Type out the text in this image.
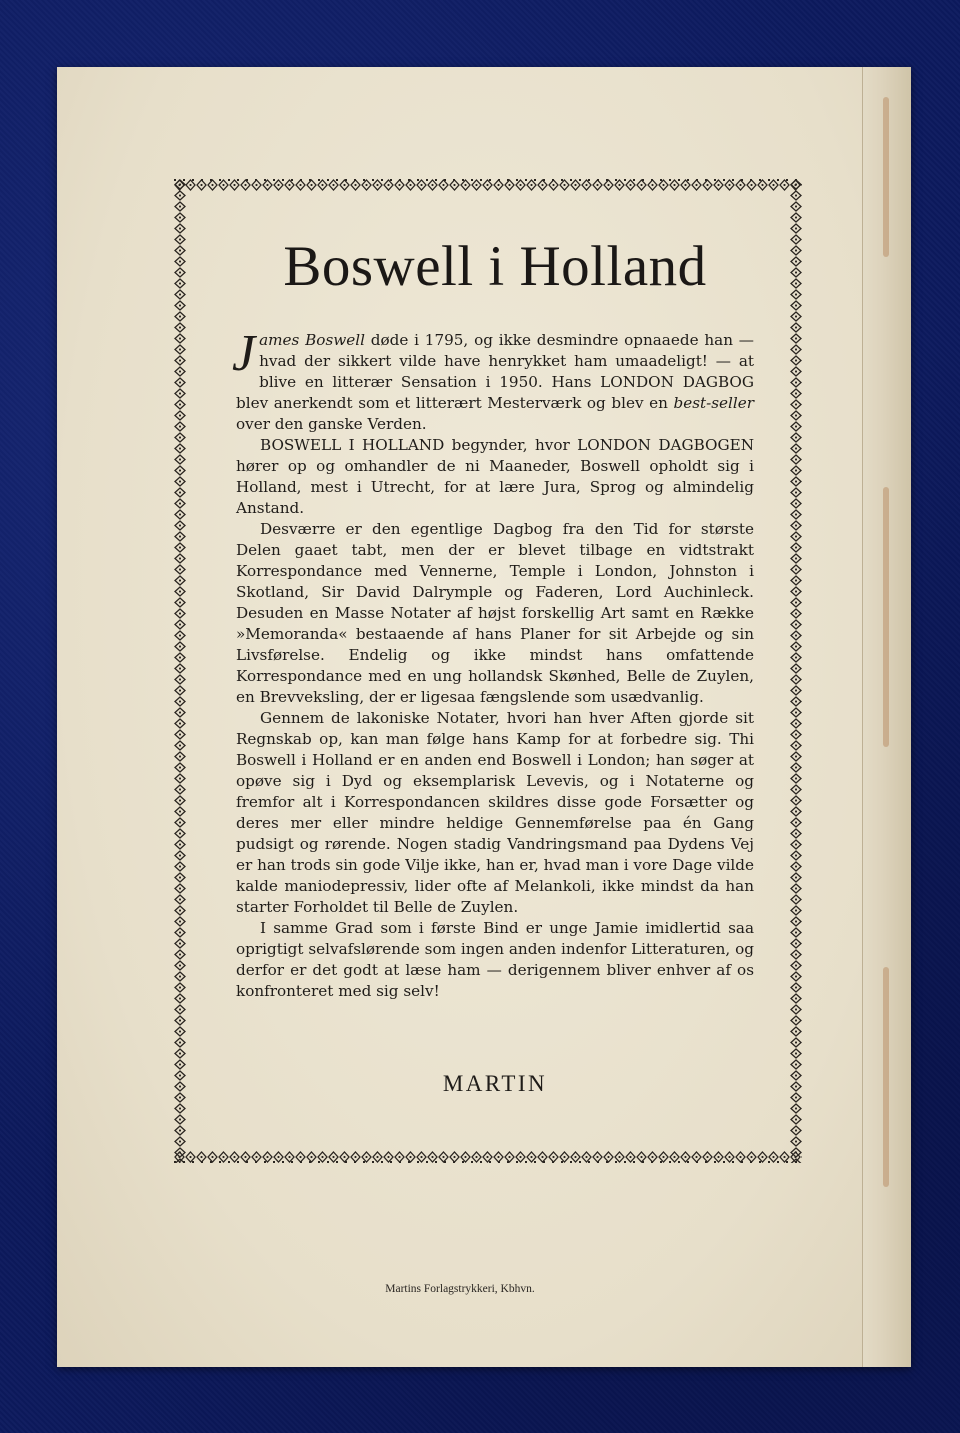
Boswell i Holland

James Boswell døde i 1795, og ikke desmindre opnaaede han — hvad der sikkert vilde have henrykket ham umaadeligt! — at blive en litterær Sensation i 1950. Hans LONDON DAGBOG blev anerkendt som et litterært Mesterværk og blev en best-seller over den ganske Verden.

BOSWELL I HOLLAND begynder, hvor LONDON DAGBOGEN hører op og omhandler de ni Maaneder, Boswell opholdt sig i Holland, mest i Utrecht, for at lære Jura, Sprog og almindelig Anstand.

Desværre er den egentlige Dagbog fra den Tid for største Delen gaaet tabt, men der er blevet tilbage en vidtstrakt Korrespondance med Vennerne, Temple i London, Johnston i Skotland, Sir David Dalrymple og Faderen, Lord Auchinleck. Desuden en Masse Notater af højst forskellig Art samt en Række »Memoranda« bestaaende af hans Planer for sit Arbejde og sin Livsførelse. Endelig og ikke mindst hans omfattende Korrespondance med en ung hollandsk Skønhed, Belle de Zuylen, en Brevveksling, der er ligesaa fængslende som usædvanlig.

Gennem de lakoniske Notater, hvori han hver Aften gjorde sit Regnskab op, kan man følge hans Kamp for at forbedre sig. Thi Boswell i Holland er en anden end Boswell i London; han søger at opøve sig i Dyd og eksemplarisk Levevis, og i Notaterne og fremfor alt i Korrespondancen skildres disse gode Forsætter og deres mer eller mindre heldige Gennemførelse paa én Gang pudsigt og rørende. Nogen stadig Vandringsmand paa Dydens Vej er han trods sin gode Vilje ikke, han er, hvad man i vore Dage vilde kalde maniodepressiv, lider ofte af Melankoli, ikke mindst da han starter Forholdet til Belle de Zuylen.

I samme Grad som i første Bind er unge Jamie imidlertid saa oprigtigt selvafslørende som ingen anden indenfor Litteraturen, og derfor er det godt at læse ham — derigennem bliver enhver af os konfronteret med sig selv!

MARTIN
Martins Forlagstrykkeri, Kbhvn.
